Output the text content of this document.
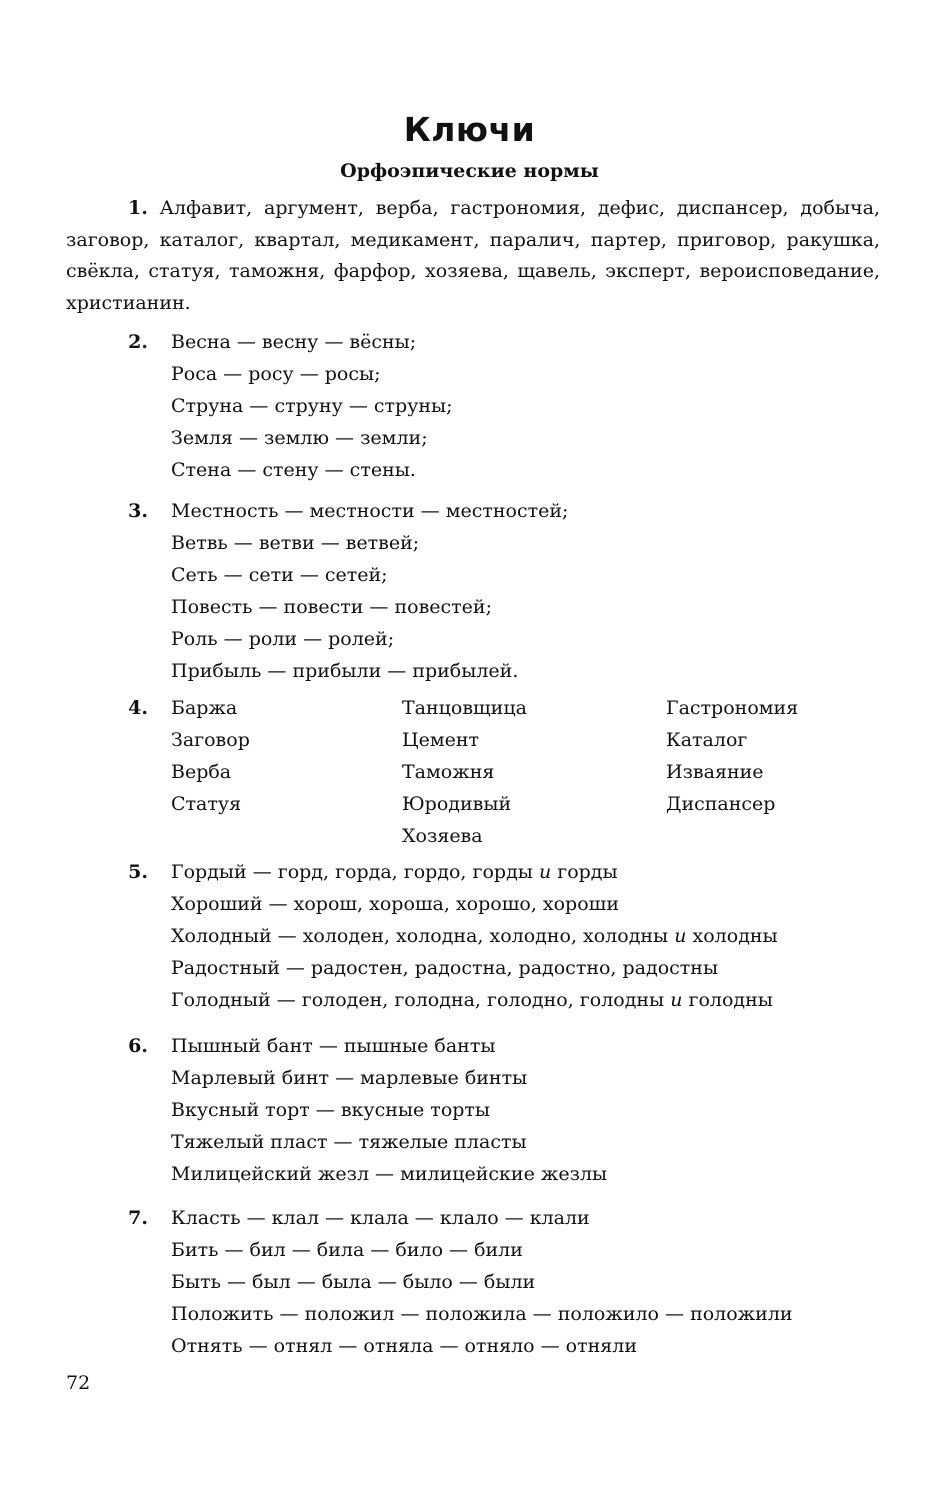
Ключи
Орфоэпические нормы

1. Алфавит, аргумент, верба, гастрономия, дефис, диспансер, добыча, заговор, каталог, квартал, медикамент, паралич, партер, приговор, ракушка, свёкла, статуя, таможня, фарфор, хозяева, щавель, эксперт, вероисповедание, христианин.

2. Весна — весну — вёсны;
Роса — росу — росы;
Струна — струну — струны;
Земля — землю — земли;
Стена — стену — стены.
3. Местность — местности — местностей;
Ветвь — ветви — ветвей;
Сеть — сети — сетей;
Повесть — повести — повестей;
Роль — роли — ролей;
Прибыль — прибыли — прибылей.
4. Баржа
Заговор
Верба
Статуя
Танцовщица
Цемент
Таможня
Юродивый
Хозяева
Гастрономия
Каталог
Изваяние
Диспансер
5. Гордый — горд, горда, гордо, горды и горды
Хороший — хорош, хороша, хорошо, хороши
Холодный — холоден, холодна, холодно, холодны и холодны
Радостный — радостен, радостна, радостно, радостны
Голодный — голоден, голодна, голодно, голодны и голодны
6. Пышный бант — пышные банты
Марлевый бинт — марлевые бинты
Вкусный торт — вкусные торты
Тяжелый пласт — тяжелые пласты
Милицейский жезл — милицейские жезлы
7. Класть — клал — клала — клало — клали
Бить — бил — била — било — били
Быть — был — была — было — были
Положить — положил — положила — положило — положили
Отнять — отнял — отняла — отняло — отняли
72
